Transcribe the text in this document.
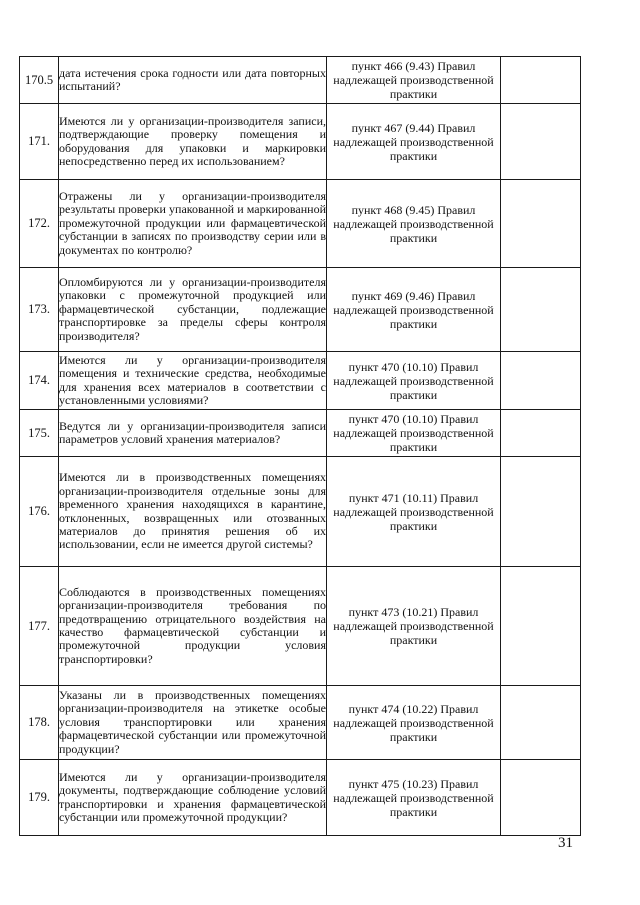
170.5	дата истечения срока годности или дата повторных испытаний?	пункт 466 (9.43) Правил надлежащей производственной практики	
171.	Имеются ли у организации-производителя записи, подтверждающие проверку помещения и оборудования для упаковки и маркировки непосредственно перед их использованием?	пункт 467 (9.44) Правил надлежащей производственной практики	
172.	Отражены ли у организации-производителя результаты проверки упакованной и маркированной промежуточной продукции или фармацевтической субстанции в записях по производству серии или в документах по контролю?	пункт 468 (9.45) Правил надлежащей производственной практики	
173.	Опломбируются ли у организации-производителя упаковки с промежуточной продукцией или фармацевтической субстанции, подлежащие транспортировке за пределы сферы контроля производителя?	пункт 469 (9.46) Правил надлежащей производственной практики	
174.	Имеются ли у организации-производителя помещения и технические средства, необходимые для хранения всех материалов в соответствии с установленными условиями?	пункт 470 (10.10) Правил надлежащей производственной практики	
175.	Ведутся ли у организации-производителя записи параметров условий хранения материалов?	пункт 470 (10.10) Правил надлежащей производственной практики	
176.	Имеются ли в производственных помещениях организации-производителя отдельные зоны для временного хранения находящихся в карантине, отклоненных, возвращенных или отозванных материалов до принятия решения об их использовании, если не имеется другой системы?	пункт 471 (10.11) Правил надлежащей производственной практики	
177.	Соблюдаются в производственных помещениях организации-производителя требования по предотвращению отрицательного воздействия на качество фармацевтической субстанции и промежуточной продукции условия транспортировки?	пункт 473 (10.21) Правил надлежащей производственной практики	
178.	Указаны ли в производственных помещениях организации-производителя на этикетке особые условия транспортировки или хранения фармацевтической субстанции или промежуточной продукции?	пункт 474 (10.22) Правил надлежащей производственной практики	
179.	Имеются ли у организации-производителя документы, подтверждающие соблюдение условий транспортировки и хранения фармацевтической субстанции или промежуточной продукции?	пункт 475 (10.23) Правил надлежащей производственной практики	
31
